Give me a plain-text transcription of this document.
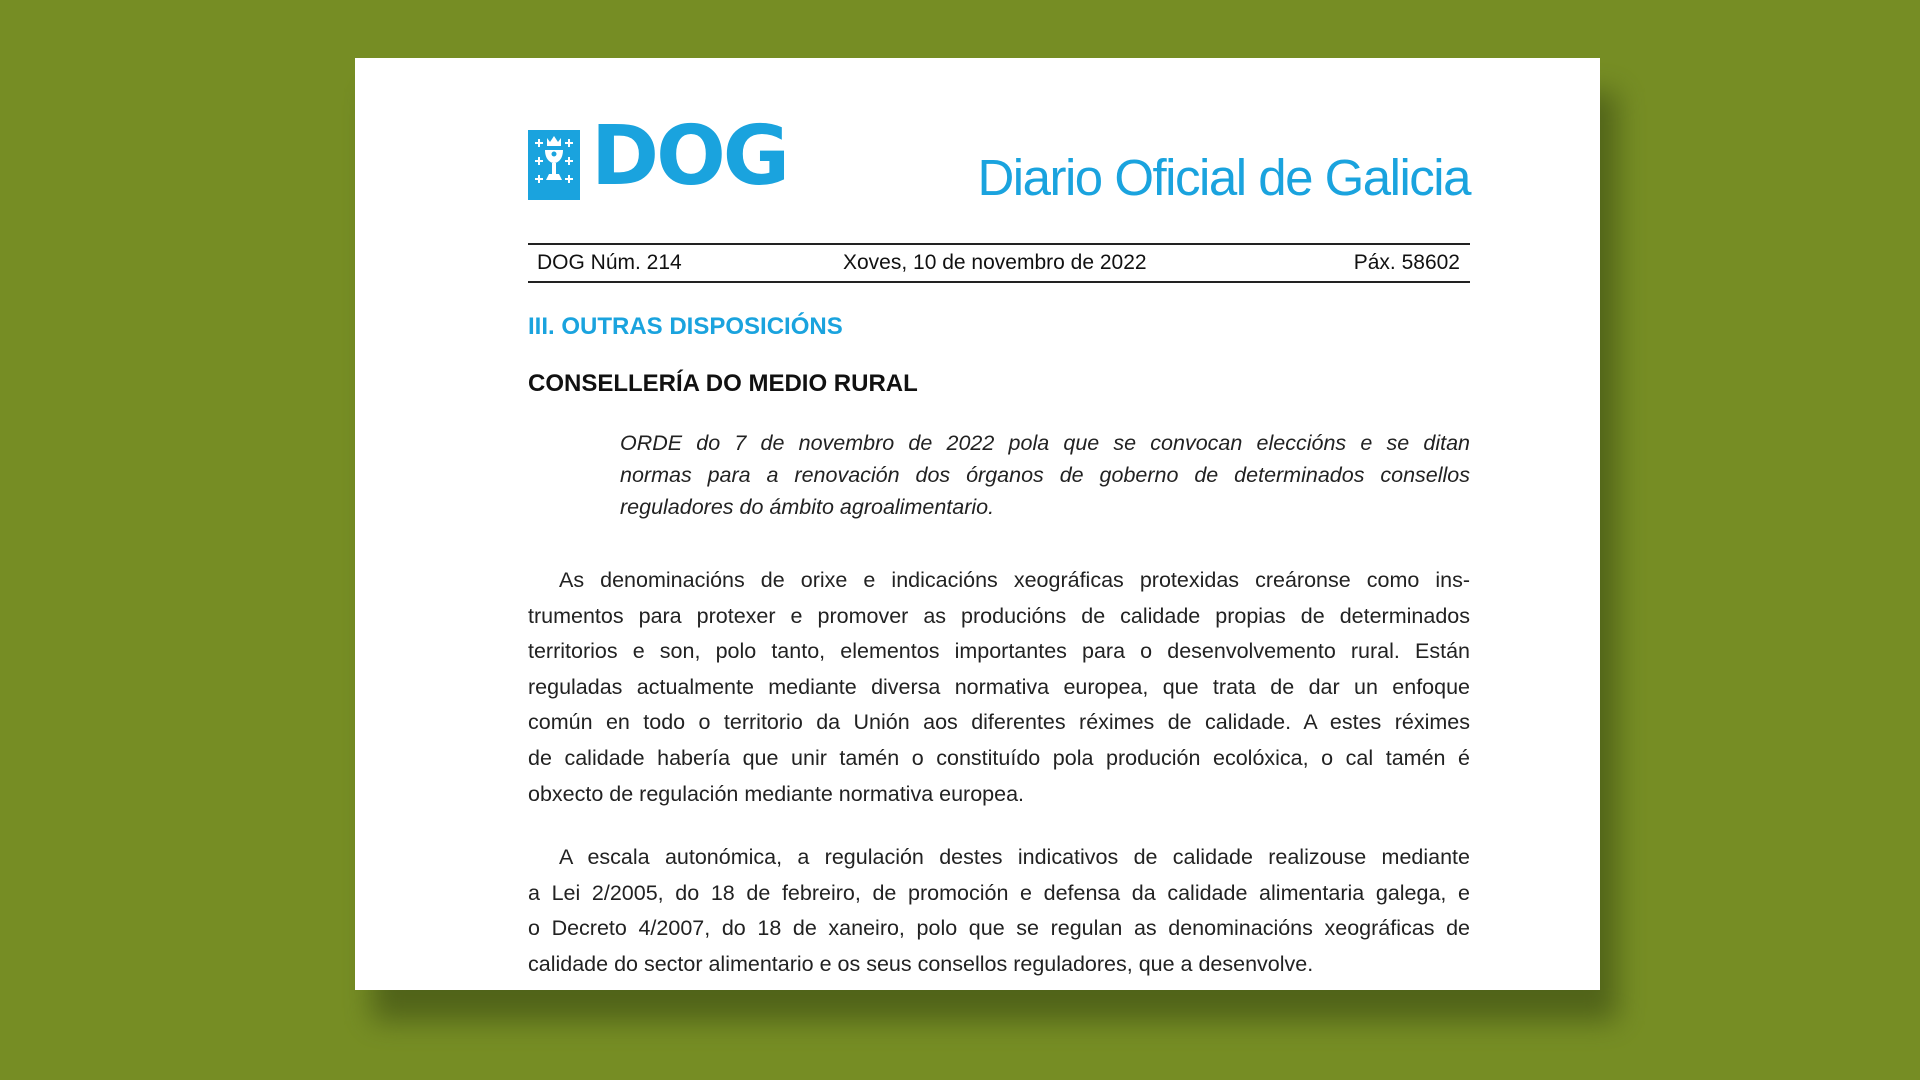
DOG	Diario Oficial de Galicia
DOG Núm. 214	Xoves, 10 de novembro de 2022	Páx. 58602
III. OUTRAS DISPOSICIÓNS
CONSELLERÍA DO MEDIO RURAL
ORDE do 7 de novembro de 2022 pola que se convocan eleccións e se ditan
normas para a renovación dos órganos de goberno de determinados consellos
reguladores do ámbito agroalimentario.
As denominacións de orixe e indicacións xeográficas protexidas creáronse como ins-
trumentos para protexer e promover as producións de calidade propias de determinados
territorios e son, polo tanto, elementos importantes para o desenvolvemento rural. Están
reguladas actualmente mediante diversa normativa europea, que trata de dar un enfoque
común en todo o territorio da Unión aos diferentes réximes de calidade. A estes réximes
de calidade habería que unir tamén o constituído pola produción ecolóxica, o cal tamén é
obxecto de regulación mediante normativa europea.
A escala autonómica, a regulación destes indicativos de calidade realizouse mediante
a Lei 2/2005, do 18 de febreiro, de promoción e defensa da calidade alimentaria galega, e
o Decreto 4/2007, do 18 de xaneiro, polo que se regulan as denominacións xeográficas de
calidade do sector alimentario e os seus consellos reguladores, que a desenvolve.
